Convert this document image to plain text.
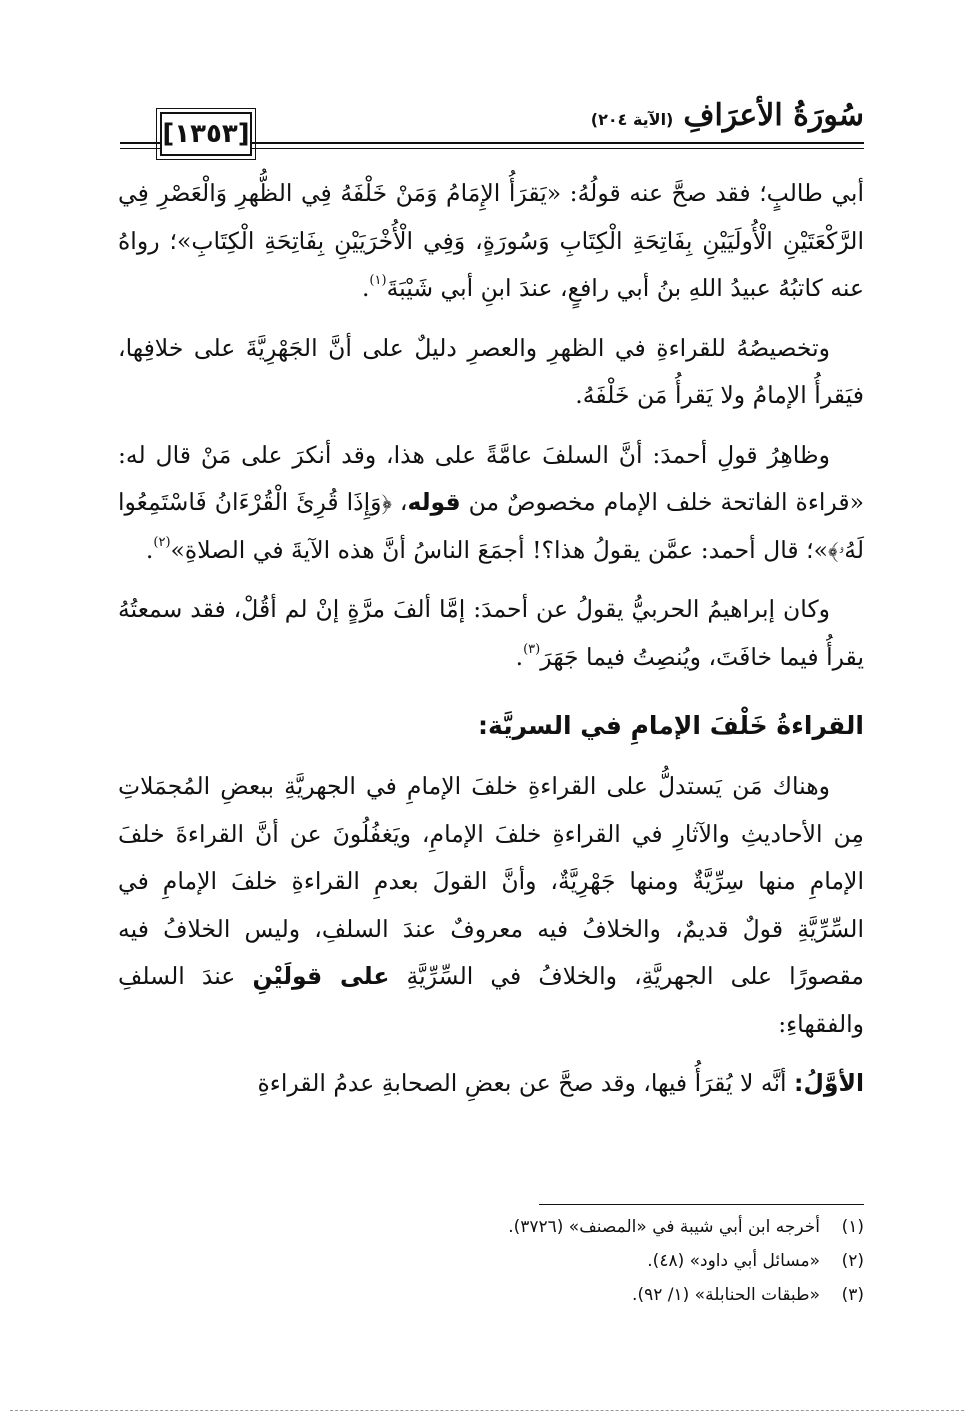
[١٣٥٣]
سُورَةُ الأعرَافِ
(الآية ٢٠٤)

أبي طالبٍ؛ فقد صحَّ عنه قولُهُ: «يَقرَأُ الإِمَامُ وَمَنْ خَلْفَهُ فِي الظُّهرِ وَالْعَصْرِ فِي الرَّكْعَتَيْنِ الْأُولَيَيْنِ بِفَاتِحَةِ الْكِتَابِ وَسُورَةٍ، وَفِي الْأُخْرَيَيْنِ بِفَاتِحَةِ الْكِتَابِ»؛ رواهُ عنه كاتبُهُ عبيدُ اللهِ بنُ أبي رافعٍ، عندَ ابنِ أبي شَيْبَةَ$^{(١)}$.

وتخصيصُهُ للقراءةِ في الظهرِ والعصرِ دليلٌ على أنَّ الجَهْرِيَّةَ على خلافِها، فيَقرأُ الإمامُ ولا يَقرأُ مَن خَلْفَهُ.

وظاهِرُ قولِ أحمدَ: أنَّ السلفَ عامَّةً على هذا، وقد أنكرَ على مَنْ قال له: «قراءة الفاتحة خلف الإمام مخصوصٌ من قوله، ﴿وَإِذَا قُرِئَ الْقُرْءَانُ فَاسْتَمِعُوا لَهُۥ﴾»؛ قال أحمد: عمَّن يقولُ هذا؟! أجمَعَ الناسُ أنَّ هذه الآيةَ في الصلاةِ»$^{(٢)}$.

وكان إبراهيمُ الحربيُّ يقولُ عن أحمدَ: إمَّا ألفَ مرَّةٍ إنْ لم أقُلْ، فقد سمعتُهُ يقرأُ فيما خافَتَ، ويُنصِتُ فيما جَهَرَ$^{(٣)}$.

القراءةُ خَلْفَ الإمامِ في السريَّة:

وهناك مَن يَستدلُّ على القراءةِ خلفَ الإمامِ في الجهريَّةِ ببعضِ المُجمَلاتِ مِن الأحاديثِ والآثارِ في القراءةِ خلفَ الإمامِ، ويَغفُلُونَ عن أنَّ القراءةَ خلفَ الإمامِ منها سِرِّيَّةٌ ومنها جَهْرِيَّةٌ، وأنَّ القولَ بعدمِ القراءةِ خلفَ الإمامِ في السِّرِّيَّةِ قولٌ قديمٌ، والخلافُ فيه معروفٌ عندَ السلفِ، وليس الخلافُ فيه مقصورًا على الجهريَّةِ، والخلافُ في السِّرِّيَّةِ على قولَيْنِ عندَ السلفِ والفقهاءِ:

الأوَّلُ: أنَّه لا يُقرَأُ فيها، وقد صحَّ عن بعضِ الصحابةِ عدمُ القراءةِ

(١)
أخرجه ابن أبي شيبة في «المصنف» (٣٧٢٦).
(٢)
«مسائل أبي داود» (٤٨).
(٣)
«طبقات الحنابلة» (١/ ٩٢).
